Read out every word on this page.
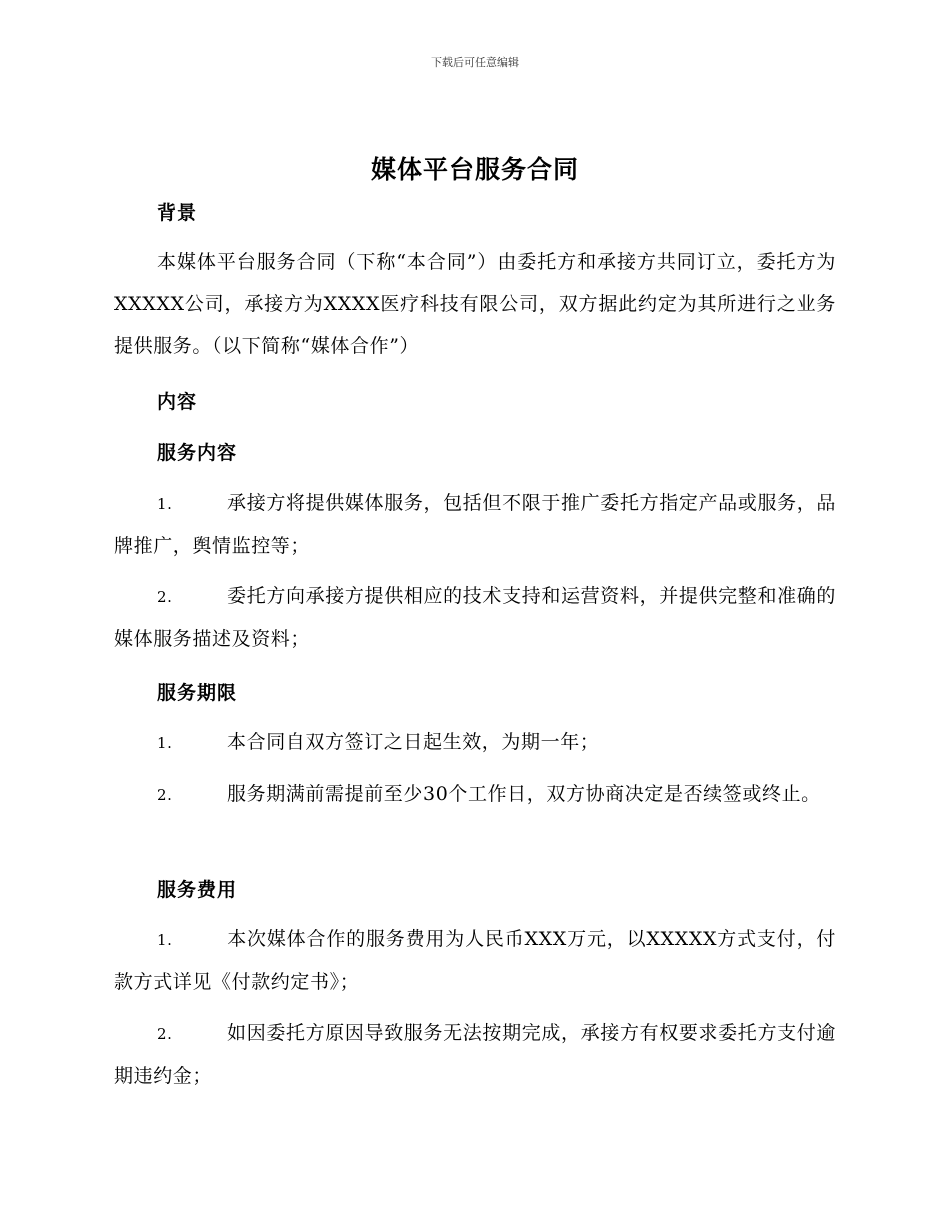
下载后可任意编辑
媒体平台服务合同
背景
本媒体平台服务合同（下称“本合同”）由委托方和承接方共同订立，委托方为XXXXX公司，承接方为XXXX医疗科技有限公司，双方据此约定为其所进行之业务提供服务。（以下简称“媒体合作”）
内容
服务内容
1.	承接方将提供媒体服务，包括但不限于推广委托方指定产品或服务，品牌推广，舆情监控等；
2.	委托方向承接方提供相应的技术支持和运营资料，并提供完整和准确的媒体服务描述及资料；
服务期限
1.	本合同自双方签订之日起生效，为期一年；
2.	服务期满前需提前至少30个工作日，双方协商决定是否续签或终止。
服务费用
1.	本次媒体合作的服务费用为人民币XXX万元，以XXXXX方式支付，付款方式详见《付款约定书》；
2.	如因委托方原因导致服务无法按期完成，承接方有权要求委托方支付逾期违约金；
